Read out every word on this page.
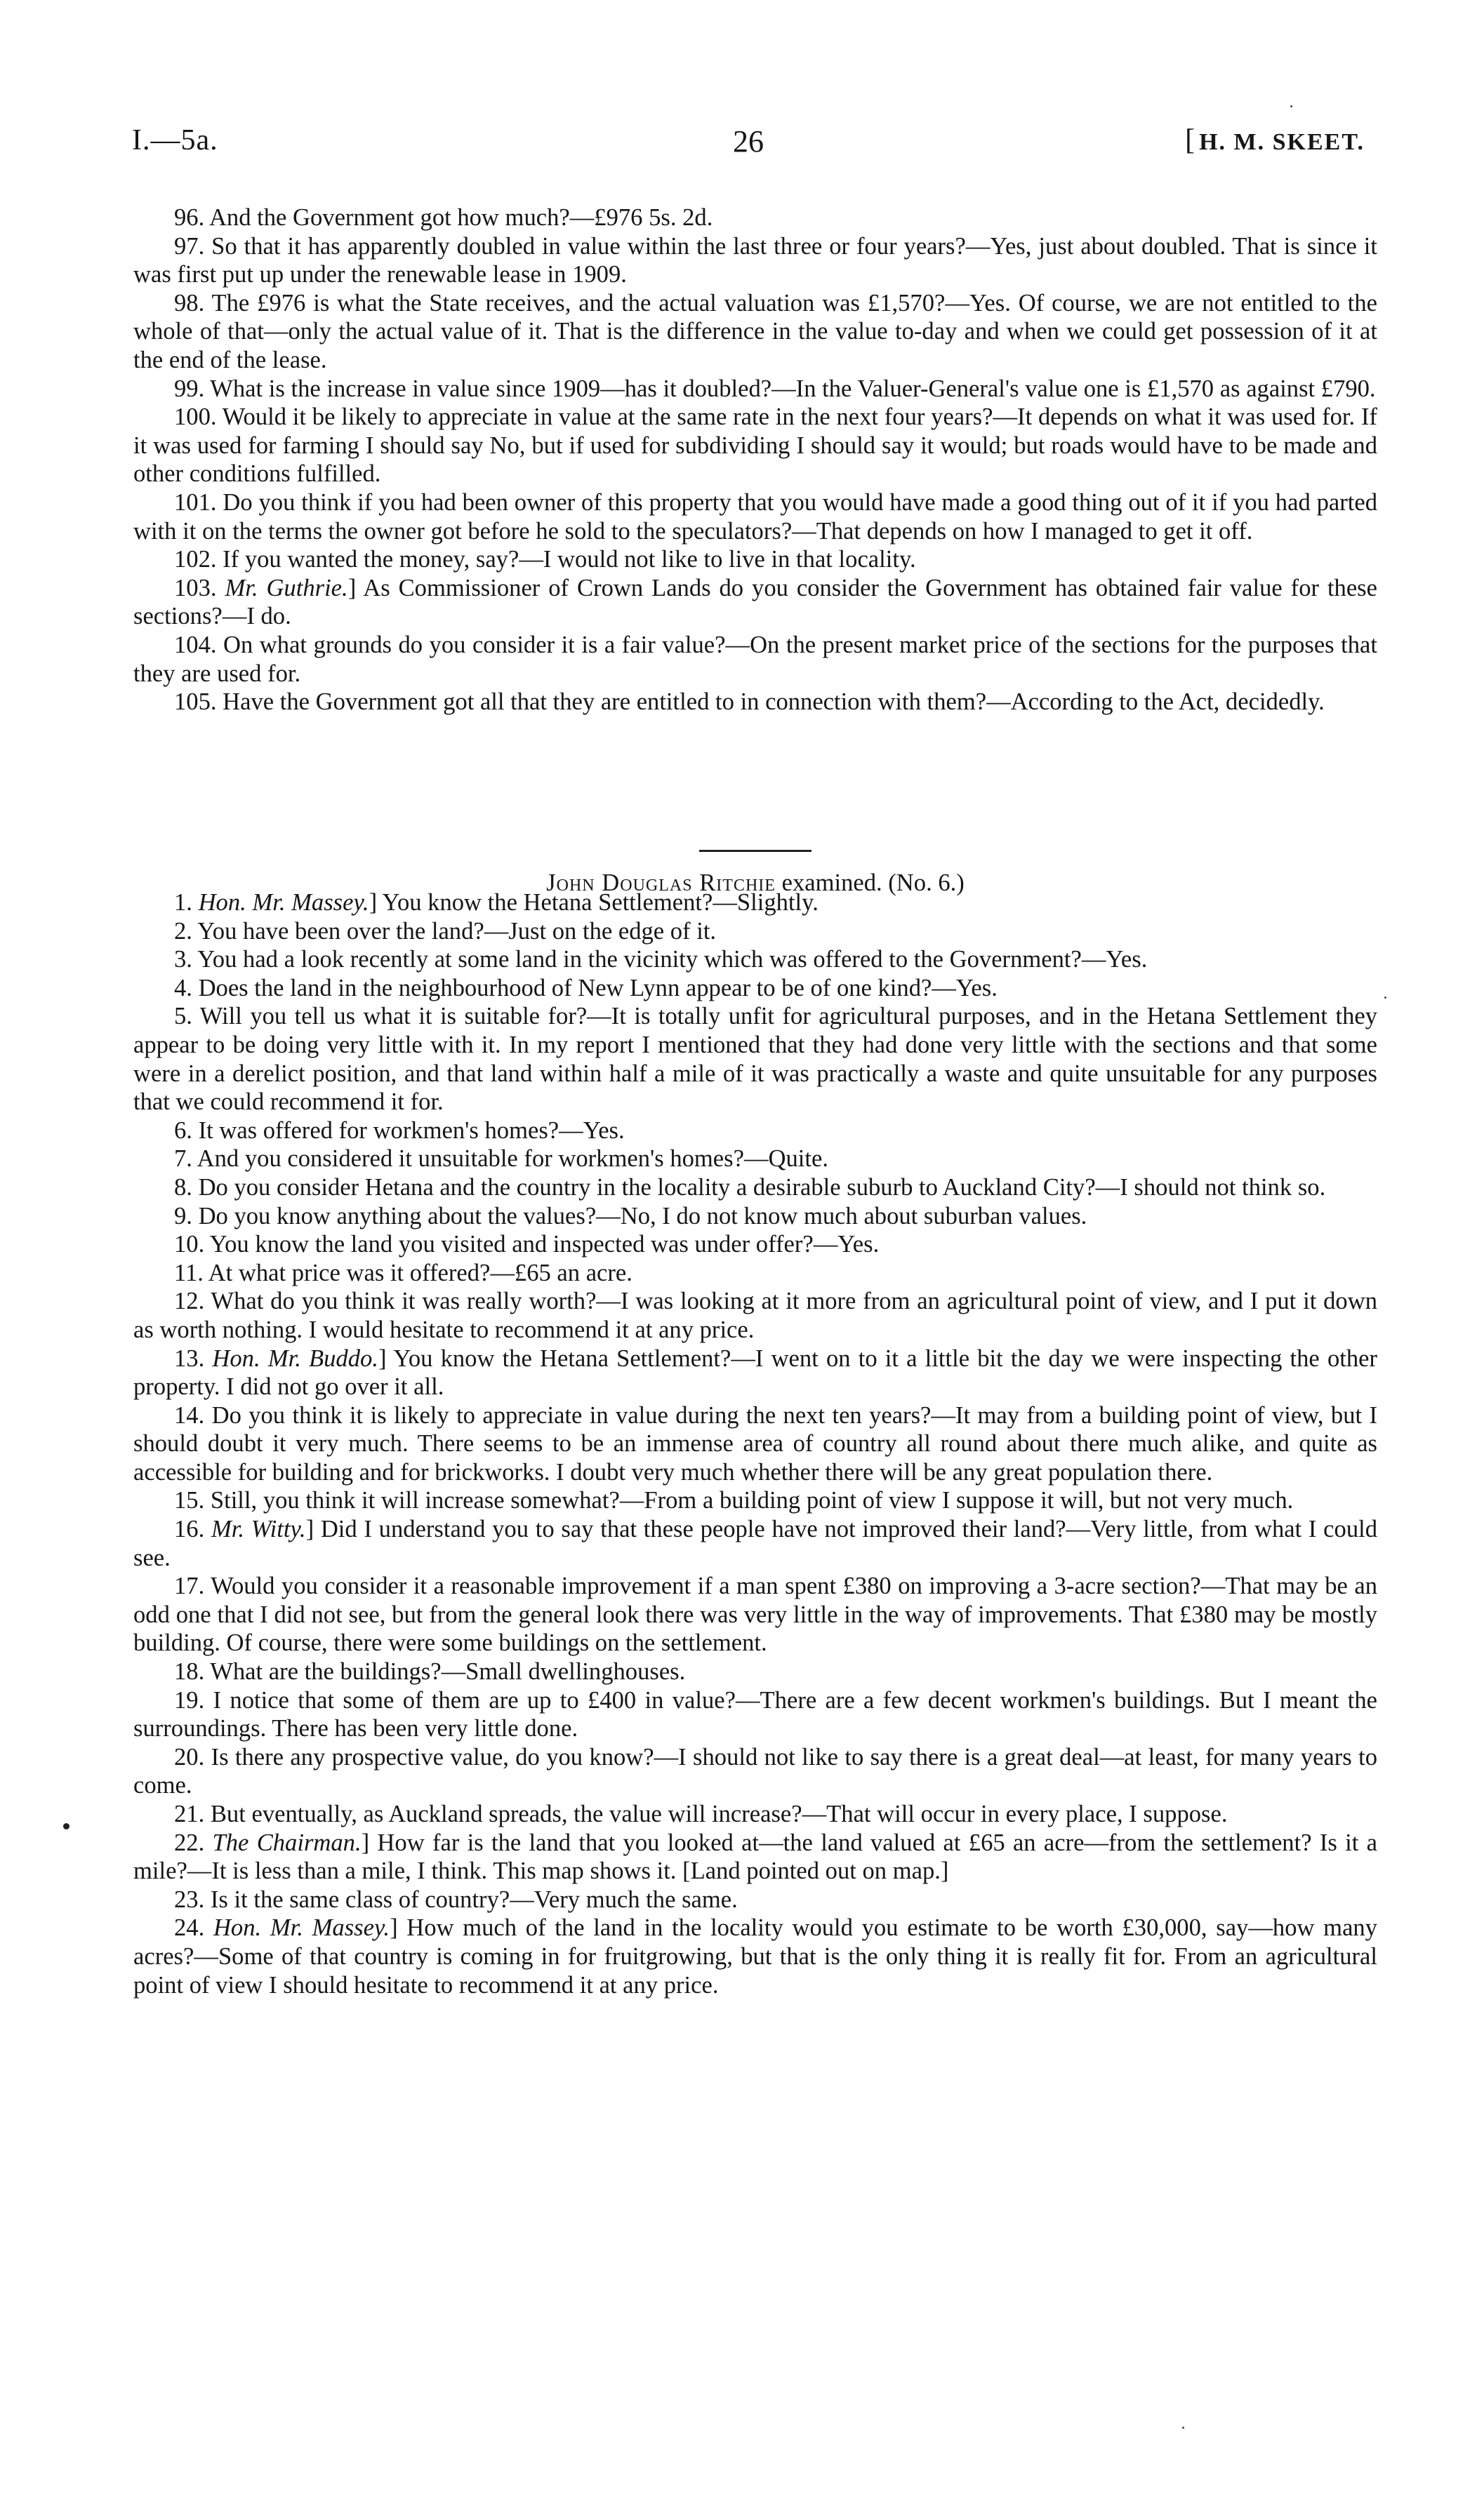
I.—5a.	26	[ H. M. SKEET.

96. And the Government got how much?—£976 5s. 2d.

97. So that it has apparently doubled in value within the last three or four years?—Yes, just about doubled. That is since it was first put up under the renewable lease in 1909.

98. The £976 is what the State receives, and the actual valuation was £1,570?—Yes. Of course, we are not entitled to the whole of that—only the actual value of it. That is the difference in the value to-day and when we could get possession of it at the end of the lease.

99. What is the increase in value since 1909—has it doubled?—In the Valuer-General's value one is £1,570 as against £790.

100. Would it be likely to appreciate in value at the same rate in the next four years?—It depends on what it was used for. If it was used for farming I should say No, but if used for subdividing I should say it would; but roads would have to be made and other conditions fulfilled.

101. Do you think if you had been owner of this property that you would have made a good thing out of it if you had parted with it on the terms the owner got before he sold to the speculators?—That depends on how I managed to get it off.

102. If you wanted the money, say?—I would not like to live in that locality.

103. Mr. Guthrie.] As Commissioner of Crown Lands do you consider the Government has obtained fair value for these sections?—I do.

104. On what grounds do you consider it is a fair value?—On the present market price of the sections for the purposes that they are used for.

105. Have the Government got all that they are entitled to in connection with them?—According to the Act, decidedly.

John Douglas Ritchie examined. (No. 6.)

1. Hon. Mr. Massey.] You know the Hetana Settlement?—Slightly.

2. You have been over the land?—Just on the edge of it.

3. You had a look recently at some land in the vicinity which was offered to the Government?—Yes.

4. Does the land in the neighbourhood of New Lynn appear to be of one kind?—Yes.

5. Will you tell us what it is suitable for?—It is totally unfit for agricultural purposes, and in the Hetana Settlement they appear to be doing very little with it. In my report I mentioned that they had done very little with the sections and that some were in a derelict position, and that land within half a mile of it was practically a waste and quite unsuitable for any purposes that we could recommend it for.

6. It was offered for workmen's homes?—Yes.

7. And you considered it unsuitable for workmen's homes?—Quite.

8. Do you consider Hetana and the country in the locality a desirable suburb to Auckland City?—I should not think so.

9. Do you know anything about the values?—No, I do not know much about suburban values.

10. You know the land you visited and inspected was under offer?—Yes.

11. At what price was it offered?—£65 an acre.

12. What do you think it was really worth?—I was looking at it more from an agricultural point of view, and I put it down as worth nothing. I would hesitate to recommend it at any price.

13. Hon. Mr. Buddo.] You know the Hetana Settlement?—I went on to it a little bit the day we were inspecting the other property. I did not go over it all.

14. Do you think it is likely to appreciate in value during the next ten years?—It may from a building point of view, but I should doubt it very much. There seems to be an immense area of country all round about there much alike, and quite as accessible for building and for brickworks. I doubt very much whether there will be any great population there.

15. Still, you think it will increase somewhat?—From a building point of view I suppose it will, but not very much.

16. Mr. Witty.] Did I understand you to say that these people have not improved their land?—Very little, from what I could see.

17. Would you consider it a reasonable improvement if a man spent £380 on improving a 3-acre section?—That may be an odd one that I did not see, but from the general look there was very little in the way of improvements. That £380 may be mostly building. Of course, there were some buildings on the settlement.

18. What are the buildings?—Small dwellinghouses.

19. I notice that some of them are up to £400 in value?—There are a few decent workmen's buildings. But I meant the surroundings. There has been very little done.

20. Is there any prospective value, do you know?—I should not like to say there is a great deal—at least, for many years to come.

21. But eventually, as Auckland spreads, the value will increase?—That will occur in every place, I suppose.

22. The Chairman.] How far is the land that you looked at—the land valued at £65 an acre—from the settlement? Is it a mile?—It is less than a mile, I think. This map shows it. [Land pointed out on map.]

23. Is it the same class of country?—Very much the same.

24. Hon. Mr. Massey.] How much of the land in the locality would you estimate to be worth £30,000, say—how many acres?—Some of that country is coming in for fruitgrowing, but that is the only thing it is really fit for. From an agricultural point of view I should hesitate to recommend it at any price.
